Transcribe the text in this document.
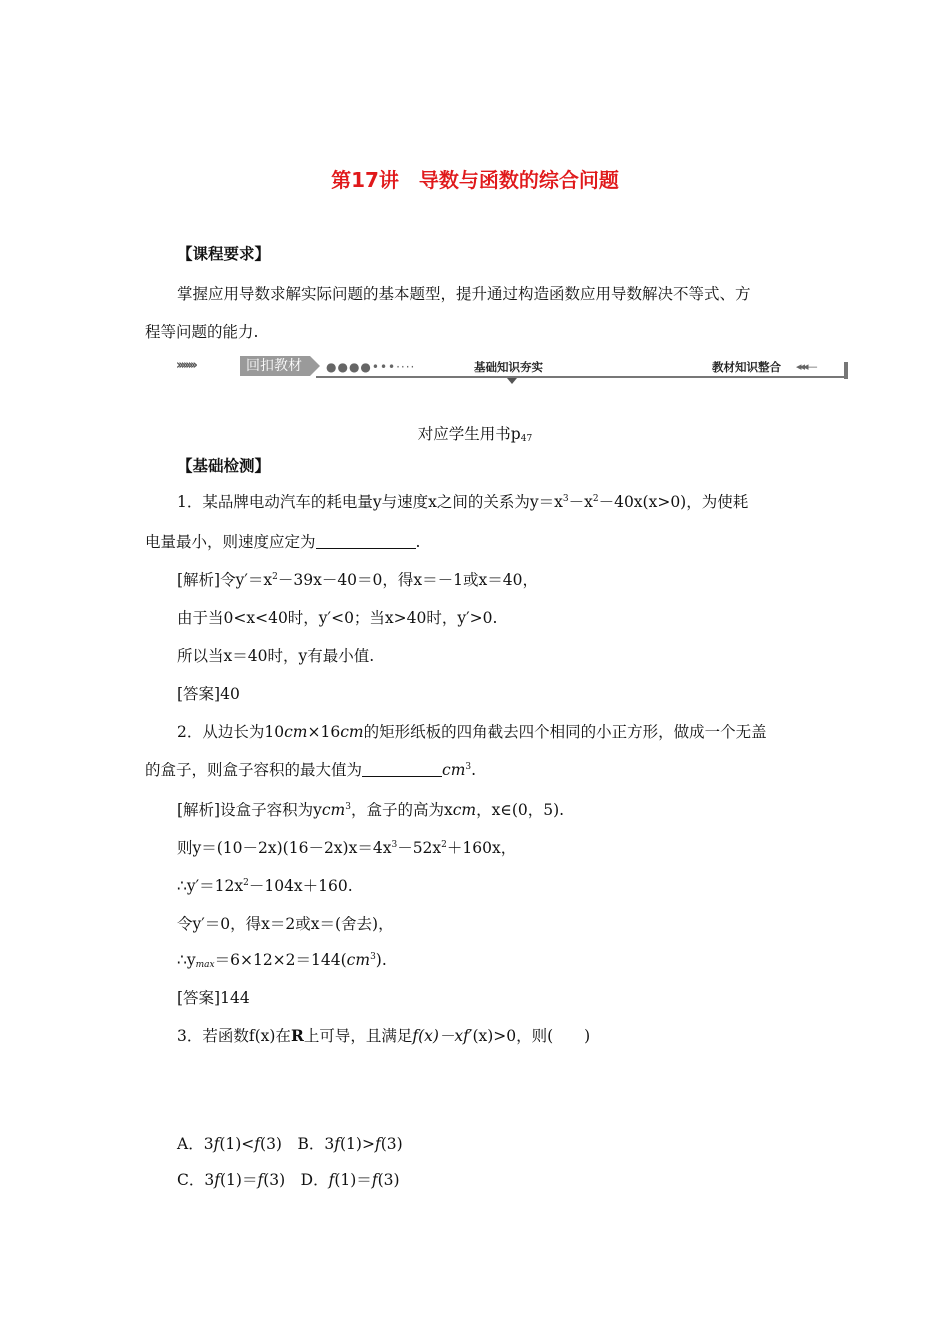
第17讲　导数与函数的综合问题
【课程要求】
掌握应用导数求解实际问题的基本题型，提升通过构造函数应用导数解决不等式、方
程等问题的能力.
››››››››	回扣教材	●●●●•••····	基础知识夯实	教材知识整合 ◂◂◂—
对应学生用书$p_{47}$
【基础检测】
1．某品牌电动汽车的耗电量y与速度x之间的关系为$y=x^3-x^2-40x(x>0)$，为使耗
电量最小，则速度应定为	.
[解析]令$y'=x^2-39x-40=0$，得x＝－1或x＝40，
由于当0<x<40时，y′<0；当x>40时，y′>0.
所以当x＝40时，y有最小值.
[答案]40
2．从边长为10cm×16cm的矩形纸板的四角截去四个相同的小正方形，做成一个无盖
的盒子，则盒子容积的最大值为	$cm^3$.
[解析]设盒子容积为ycm$^3$，盒子的高为xcm，x∈(0，5).
则$y=(10-2x)(16-2x)x=4x^3-52x^2+160x$，
$\therefore y'=12x^2-104x+160$.
令y′＝0，得x＝2或x＝(舍去)，
$\therefore y_{max}=6\times 12\times 2=144(cm^3)$.
[答案]144
3．若函数f(x)在R上可导，且满足f(x)－xf′(x)>0，则(　　)
A．3f(1)<f(3)　B．3f(1)>f(3)
C．3f(1)＝f(3)　D．f(1)＝f(3)
